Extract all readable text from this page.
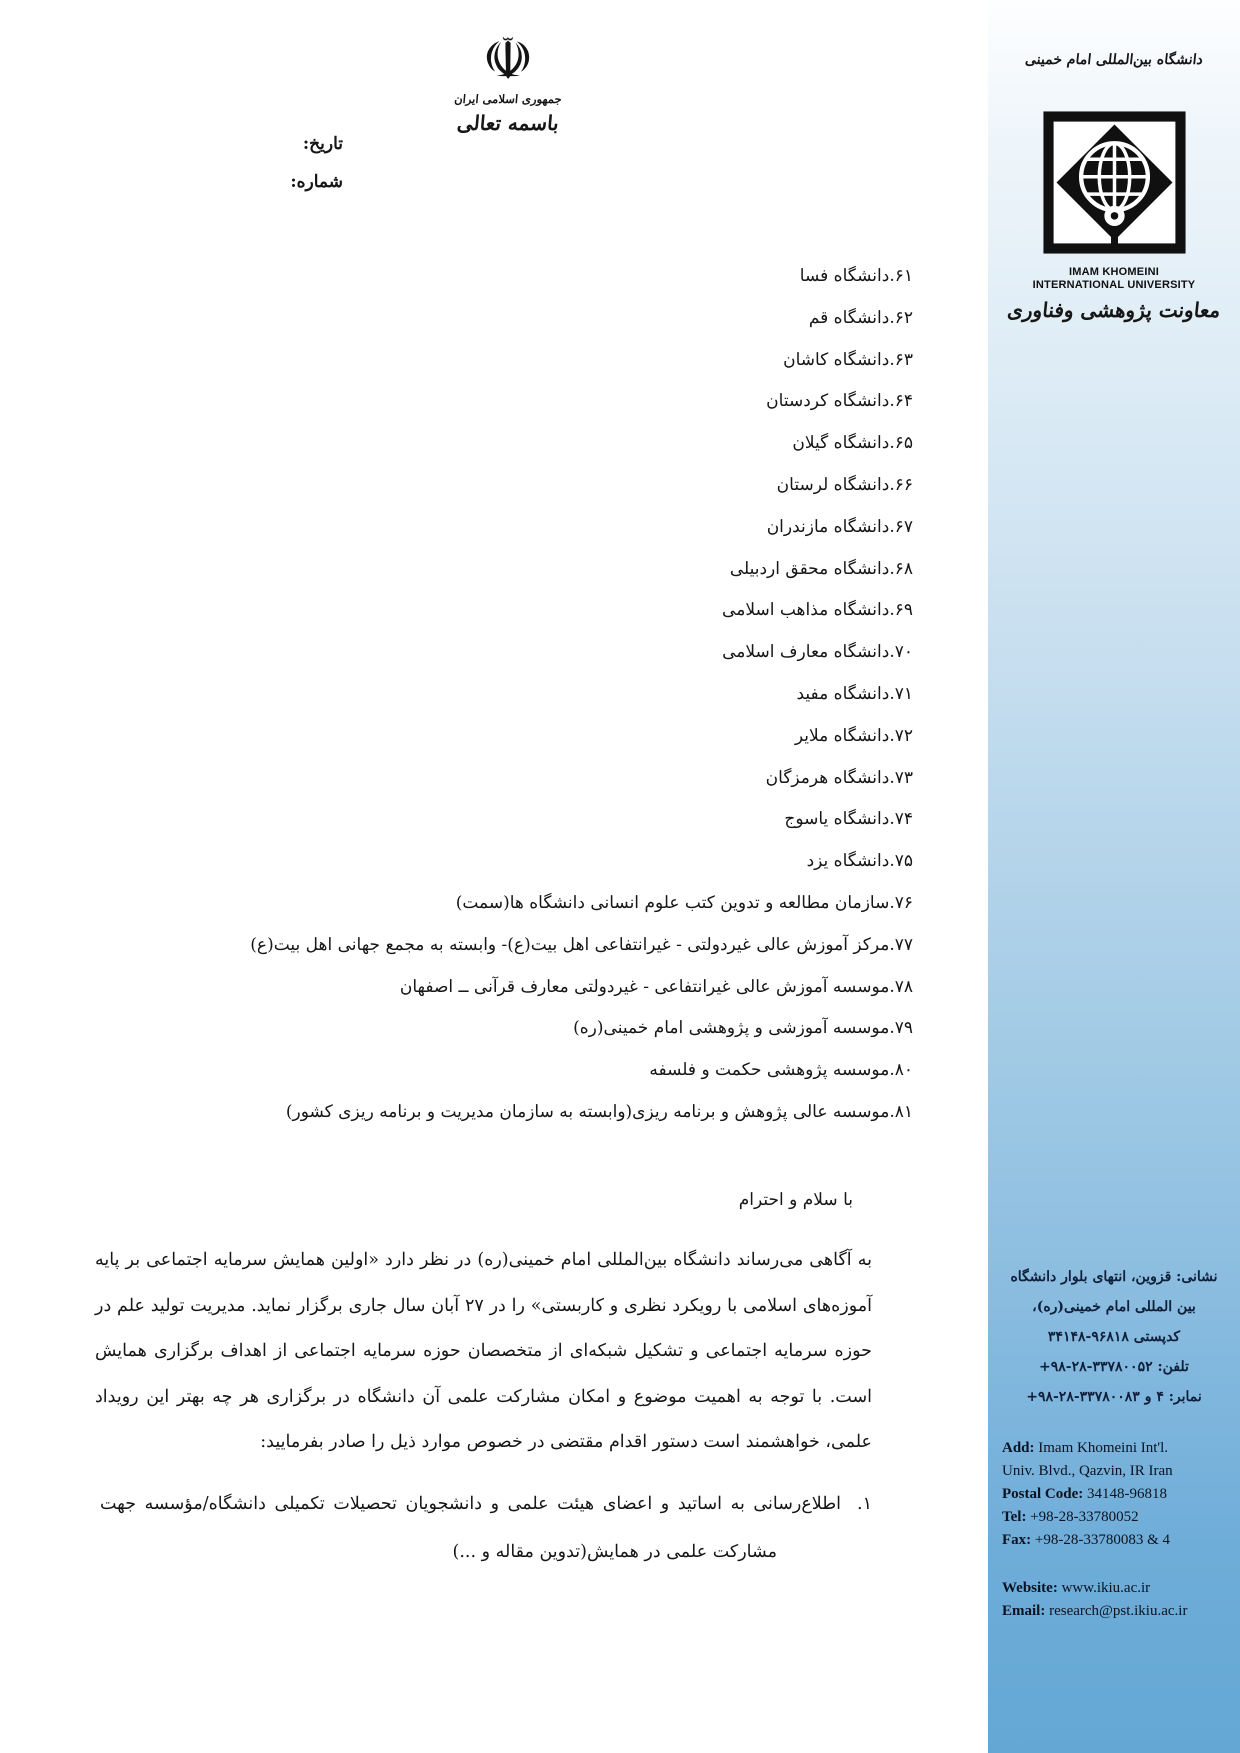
☫
جمهوری اسلامی ایران
باسمه تعالی
تاریخ:
شماره:
۶۱.دانشگاه فسا
۶۲.دانشگاه قم
۶۳.دانشگاه کاشان
۶۴.دانشگاه کردستان
۶۵.دانشگاه گیلان
۶۶.دانشگاه لرستان
۶۷.دانشگاه مازندران
۶۸.دانشگاه محقق اردبیلی
۶۹.دانشگاه مذاهب اسلامی
۷۰.دانشگاه معارف اسلامی
۷۱.دانشگاه مفید
۷۲.دانشگاه ملایر
۷۳.دانشگاه هرمزگان
۷۴.دانشگاه یاسوج
۷۵.دانشگاه یزد
۷۶.سازمان مطالعه و تدوین کتب علوم انسانی دانشگاه ها(سمت)
۷۷.مرکز آموزش عالی غیردولتی - غیرانتفاعی اهل بیت(ع)- وابسته به مجمع جهانی اهل بیت(ع)
۷۸.موسسه آموزش عالی غیرانتفاعی - غیردولتی معارف قرآنی ــ اصفهان
۷۹.موسسه آموزشی و پژوهشی امام خمینی(ره)
۸۰.موسسه پژوهشی حکمت و فلسفه
۸۱.موسسه عالی پژوهش و برنامه ریزی(وابسته به سازمان مدیریت و برنامه ریزی کشور)
با سلام و احترام
به آگاهی می‌رساند دانشگاه بین‌المللی امام خمینی(ره) در نظر دارد «اولین همایش سرمایه اجتماعی بر پایه آموزه‌های اسلامی با رویکرد نظری و کاربستی» را در ۲۷ آبان سال جاری برگزار نماید. مدیریت تولید علم در حوزه سرمایه اجتماعی و تشکیل شبکه‌ای از متخصصان حوزه سرمایه اجتماعی از اهداف برگزاری همایش است. با توجه به اهمیت موضوع و امکان مشارکت علمی آن دانشگاه در برگزاری هر چه بهتر این رویداد علمی، خواهشمند است دستور اقدام مقتضی در خصوص موارد ذیل را صادر بفرمایید:
۱.اطلاع‌رسانی به اساتید و اعضای هیئت علمی و دانشجویان تحصیلات تکمیلی دانشگاه/مؤسسه جهت مشارکت علمی در همایش(تدوین مقاله و ...)
دانشگاه بین‌المللی امام خمینی
IMAM KHOMEINI
INTERNATIONAL UNIVERSITY
معاونت پژوهشی وفناوری
نشانی: قزوین، انتهای بلوار دانشگاه
بین المللی امام خمینی(ره)،
کدپستی ۳۴۱۴۸-۹۶۸۱۸
تلفن: +۹۸-۲۸-۳۳۷۸۰۰۵۲
نمابر: ۴ و +۹۸-۲۸-۳۳۷۸۰۰۸۳
Add: Imam Khomeini Int'l.
Univ. Blvd., Qazvin, IR Iran
Postal Code: 34148-96818
Tel: +98-28-33780052
Fax: +98-28-33780083 & 4
Website: www.ikiu.ac.ir
Email: research@pst.ikiu.ac.ir
